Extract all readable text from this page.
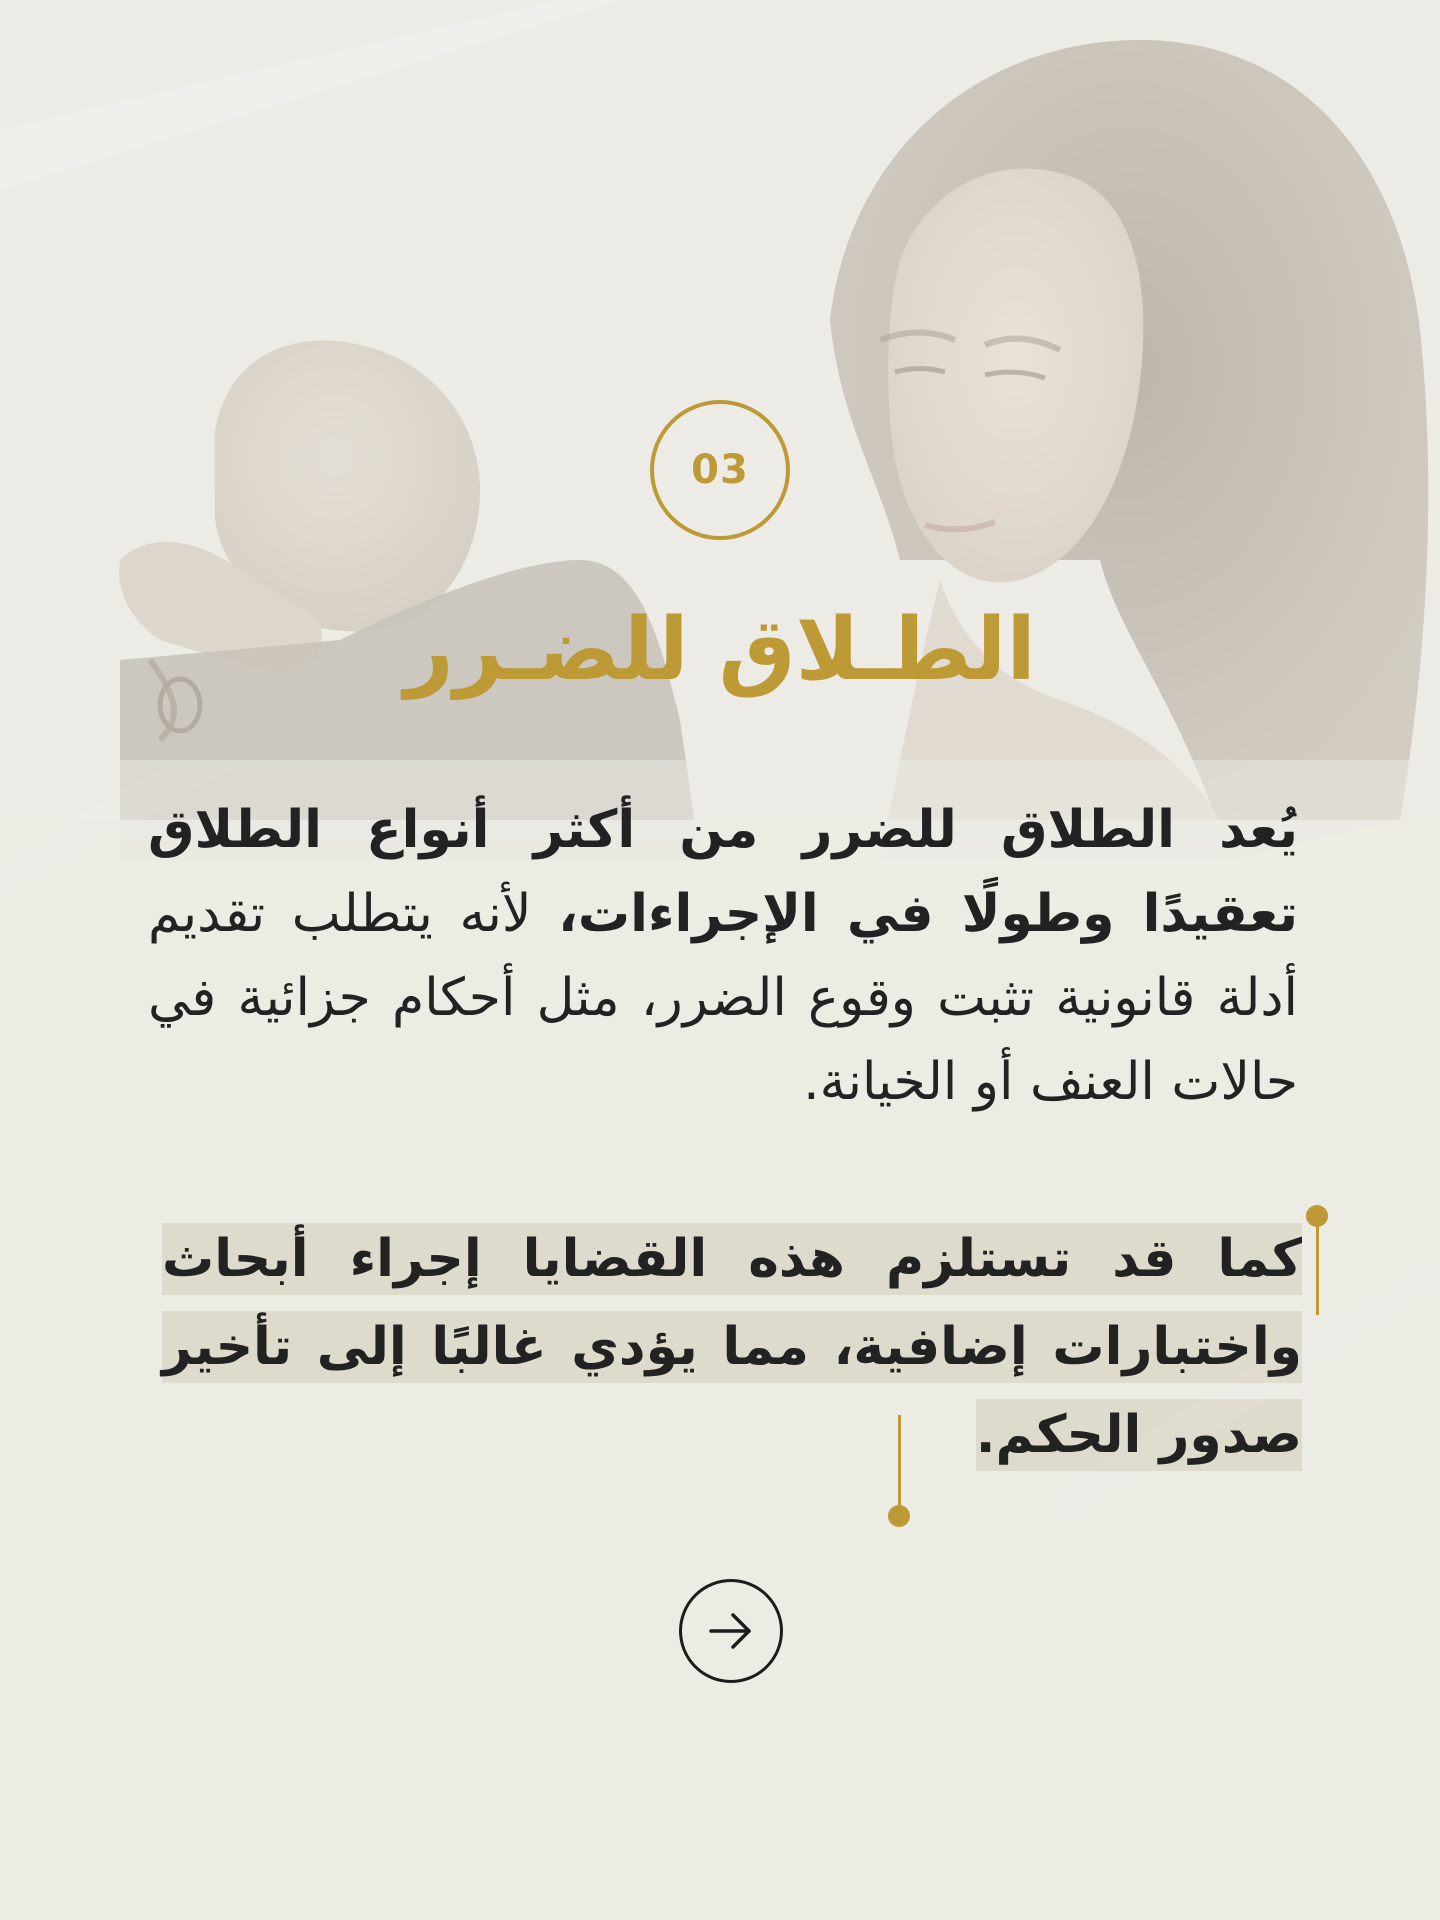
03
الطـلاق للضـرر

يُعد الطلاق للضرر من أكثر أنواع الطلاق تعقيدًا وطولًا في الإجراءات، لأنه يتطلب تقديم أدلة قانونية تثبت وقوع الضرر، مثل أحكام جزائية في حالات العنف أو الخيانة.

كما قد تستلزم هذه القضايا إجراء أبحاث واختبارات إضافية، مما يؤدي غالبًا إلى تأخير صدور الحكم.
